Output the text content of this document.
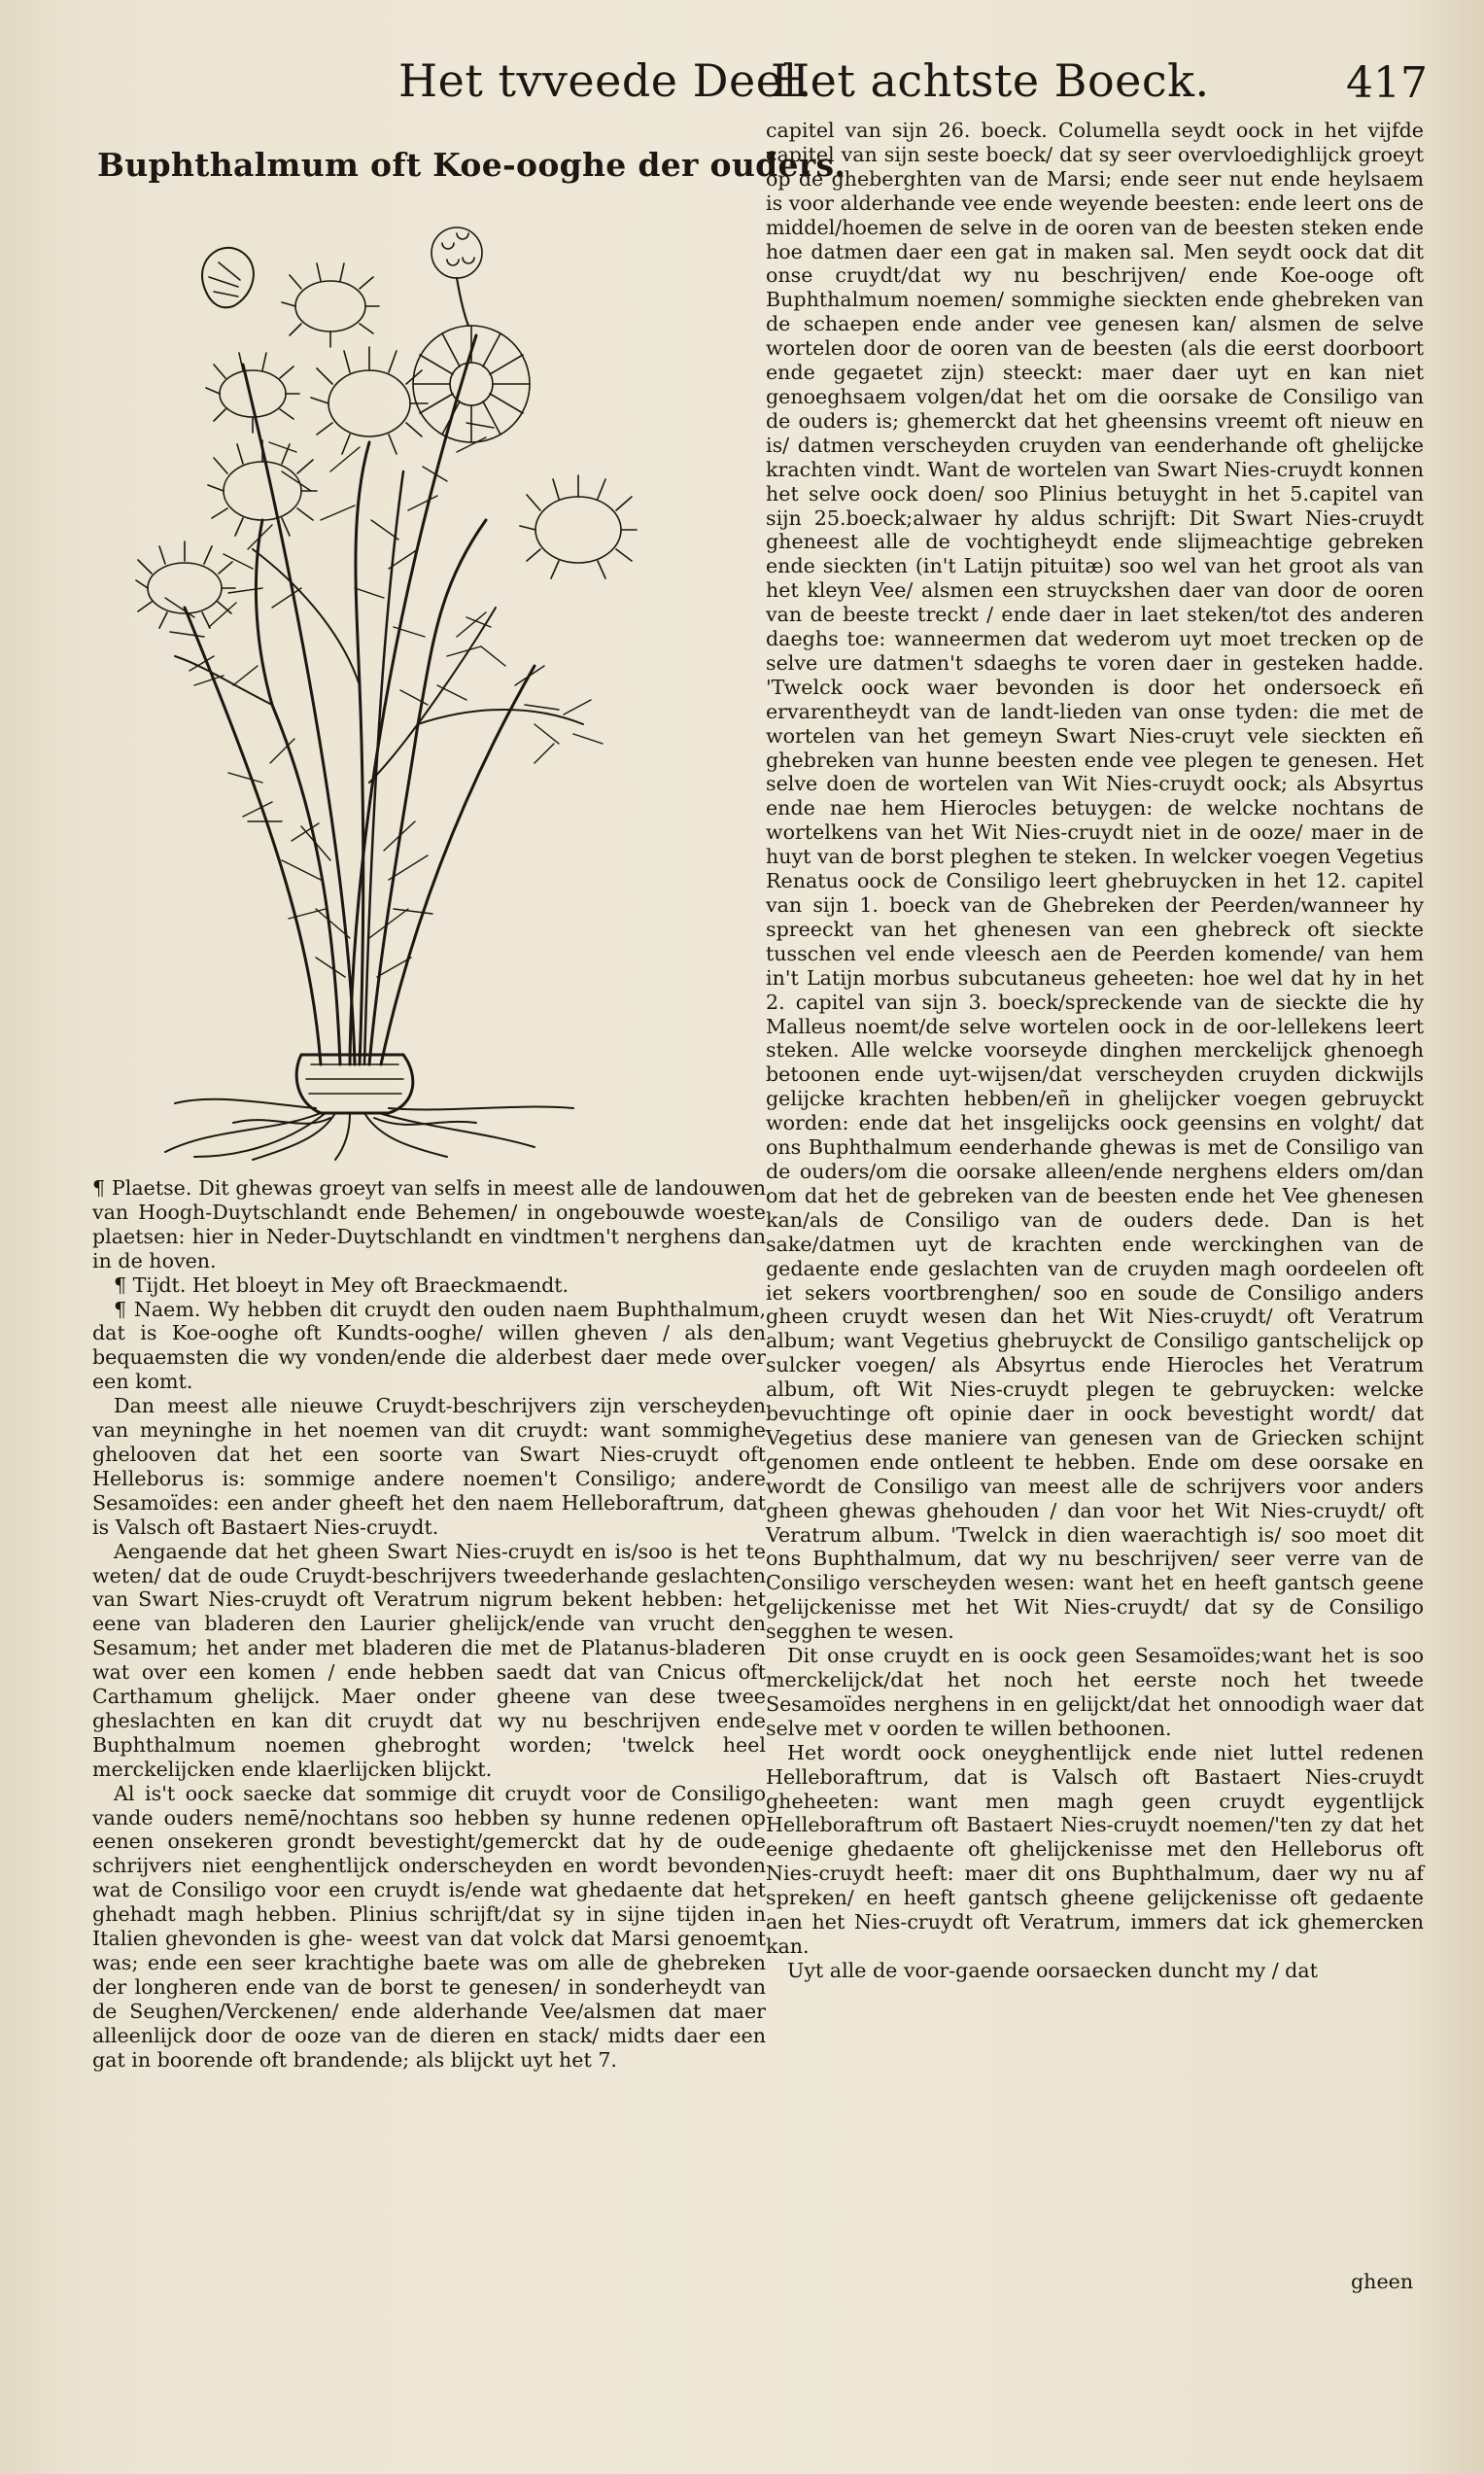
Het tvveede Deel.
Het achtste Boeck.	417
Buphthalmum oft Koe-ooghe der ouders.

¶ Plaetse. Dit ghewas groeyt van selfs in meest alle de landouwen van Hoogh-Duytschlandt ende Behemen/ in ongebouwde woeste plaetsen: hier in Neder-Duytschlandt en vindtmen't nerghens dan in de hoven.

¶ Tijdt. Het bloeyt in Mey oft Braeckmaendt.

¶ Naem. Wy hebben dit cruydt den ouden naem Buphthalmum, dat is Koe-ooghe oft Kundts-ooghe/ willen gheven / als den bequaemsten die wy vonden/ende die alderbest daer mede over een komt.

Dan meest alle nieuwe Cruydt-beschrijvers zijn verscheyden van meyninghe in het noemen van dit cruydt: want sommighe ghelooven dat het een soorte van Swart Nies-cruydt oft Helleborus is: sommige andere noemen't Consiligo; andere Sesamoïdes: een ander gheeft het den naem Helleboraftrum, dat is Valsch oft Bastaert Nies-cruydt.

Aengaende dat het gheen Swart Nies-cruydt en is/soo is het te weten/ dat de oude Cruydt-beschrijvers tweederhande geslachten van Swart Nies-cruydt oft Veratrum nigrum bekent hebben: het eene van bladeren den Laurier ghelijck/ende van vrucht den Sesamum; het ander met bladeren die met de Platanus-bladeren wat over een komen / ende hebben saedt dat van Cnicus oft Carthamum ghelijck. Maer onder gheene van dese twee gheslachten en kan dit cruydt dat wy nu beschrijven ende Buphthalmum noemen ghebroght worden; 'twelck heel merckelijcken ende klaerlijcken blijckt.

Al is't oock saecke dat sommige dit cruydt voor de Consiligo vande ouders nemē/nochtans soo hebben sy hunne redenen op eenen onsekeren grondt bevestight/gemerckt dat hy de oude schrijvers niet eenghentlijck onderscheyden en wordt bevonden wat de Consiligo voor een cruydt is/ende wat ghedaente dat het ghehadt magh hebben. Plinius schrijft/dat sy in sijne tijden in Italien ghevonden is ghe- weest van dat volck dat Marsi genoemt was; ende een seer krachtighe baete was om alle de ghebreken der longheren ende van de borst te genesen/ in sonderheydt van de Seughen/Verckenen/ ende alderhande Vee/alsmen dat maer alleenlijck door de ooze van de dieren en stack/ midts daer een gat in boorende oft brandende; als blijckt uyt het 7.

capitel van sijn 26. boeck. Columella seydt oock in het vijfde capitel van sijn seste boeck/ dat sy seer overvloedighlijck groeyt op de gheberghten van de Marsi; ende seer nut ende heylsaem is voor alderhande vee ende weyende beesten: ende leert ons de middel/hoemen de selve in de ooren van de beesten steken ende hoe datmen daer een gat in maken sal. Men seydt oock dat dit onse cruydt/dat wy nu beschrijven/ ende Koe-ooge oft Buphthalmum noemen/ sommighe sieckten ende ghebreken van de schaepen ende ander vee genesen kan/ alsmen de selve wortelen door de ooren van de beesten (als die eerst doorboort ende gegaetet zijn) steeckt: maer daer uyt en kan niet genoeghsaem volgen/dat het om die oorsake de Consiligo van de ouders is; ghemerckt dat het gheensins vreemt oft nieuw en is/ datmen verscheyden cruyden van eenderhande oft ghelijcke krachten vindt. Want de wortelen van Swart Nies-cruydt konnen het selve oock doen/ soo Plinius betuyght in het 5.capitel van sijn 25.boeck;alwaer hy aldus schrijft: Dit Swart Nies-cruydt gheneest alle de vochtigheydt ende slijmeachtige gebreken ende sieckten (in't Latijn pituitæ) soo wel van het groot als van het kleyn Vee/ alsmen een struyckshen daer van door de ooren van de beeste treckt / ende daer in laet steken/tot des anderen daeghs toe: wanneermen dat wederom uyt moet trecken op de selve ure datmen't sdaeghs te voren daer in gesteken hadde. 'Twelck oock waer bevonden is door het ondersoeck eñ ervarentheydt van de landt-lieden van onse tyden: die met de wortelen van het gemeyn Swart Nies-cruyt vele sieckten eñ ghebreken van hunne beesten ende vee plegen te genesen. Het selve doen de wortelen van Wit Nies-cruydt oock; als Absyrtus ende nae hem Hierocles betuygen: de welcke nochtans de wortelkens van het Wit Nies-cruydt niet in de ooze/ maer in de huyt van de borst pleghen te steken. In welcker voegen Vegetius Renatus oock de Consiligo leert ghebruycken in het 12. capitel van sijn 1. boeck van de Ghebreken der Peerden/wanneer hy spreeckt van het ghenesen van een ghebreck oft sieckte tusschen vel ende vleesch aen de Peerden komende/ van hem in't Latijn morbus subcutaneus geheeten: hoe wel dat hy in het 2. capitel van sijn 3. boeck/spreckende van de sieckte die hy Malleus noemt/de selve wortelen oock in de oor-lellekens leert steken. Alle welcke voorseyde dinghen merckelijck ghenoegh betoonen ende uyt-wijsen/dat verscheyden cruyden dickwijls gelijcke krachten hebben/eñ in ghelijcker voegen gebruyckt worden: ende dat het insgelijcks oock geensins en volght/ dat ons Buphthalmum eenderhande ghewas is met de Consiligo van de ouders/om die oorsake alleen/ende nerghens elders om/dan om dat het de gebreken van de beesten ende het Vee ghenesen kan/als de Consiligo van de ouders dede. Dan is het sake/datmen uyt de krachten ende werckinghen van de gedaente ende geslachten van de cruyden magh oordeelen oft iet sekers voortbrenghen/ soo en soude de Consiligo anders gheen cruydt wesen dan het Wit Nies-cruydt/ oft Veratrum album; want Vegetius ghebruyckt de Consiligo gantschelijck op sulcker voegen/ als Absyrtus ende Hierocles het Veratrum album, oft Wit Nies-cruydt plegen te gebruycken: welcke bevuchtinge oft opinie daer in oock bevestight wordt/ dat Vegetius dese maniere van genesen van de Griecken schijnt genomen ende ontleent te hebben. Ende om dese oorsake en wordt de Consiligo van meest alle de schrijvers voor anders gheen ghewas ghehouden / dan voor het Wit Nies-cruydt/ oft Veratrum album. 'Twelck in dien waerachtigh is/ soo moet dit ons Buphthalmum, dat wy nu beschrijven/ seer verre van de Consiligo verscheyden wesen: want het en heeft gantsch geene gelijckenisse met het Wit Nies-cruydt/ dat sy de Consiligo segghen te wesen.

Dit onse cruydt en is oock geen Sesamoïdes;want het is soo merckelijck/dat het noch het eerste noch het tweede Sesamoïdes nerghens in en gelijckt/dat het onnoodigh waer dat selve met v oorden te willen bethoonen.

Het wordt oock oneyghentlijck ende niet luttel redenen Helleboraftrum, dat is Valsch oft Bastaert Nies-cruydt gheheeten: want men magh geen cruydt eygentlijck Helleboraftrum oft Bastaert Nies-cruydt noemen/'ten zy dat het eenige ghedaente oft ghelijckenisse met den Helleborus oft Nies-cruydt heeft: maer dit ons Buphthalmum, daer wy nu af spreken/ en heeft gantsch gheene gelijckenisse oft gedaente aen het Nies-cruydt oft Veratrum, immers dat ick ghemercken kan.

Uyt alle de voor-gaende oorsaecken duncht my / dat

gheen
